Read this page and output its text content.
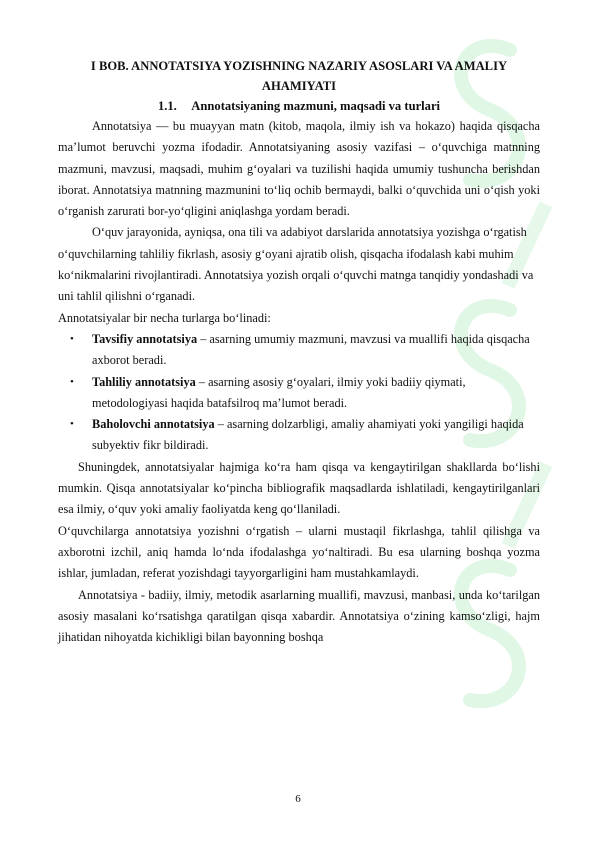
I BOB. ANNOTATSIYA YOZISHNING NAZARIY ASOSLARI VA AMALIY AHAMIYATI
1.1. Annotatsiyaning mazmuni, maqsadi va turlari

Annotatsiya — bu muayyan matn (kitob, maqola, ilmiy ish va hokazo) haqida qisqacha ma’lumot beruvchi yozma ifodadir. Annotatsiyaning asosiy vazifasi – o‘quvchiga matnning mazmuni, mavzusi, maqsadi, muhim g‘oyalari va tuzilishi haqida umumiy tushuncha berishdan iborat. Annotatsiya matnning mazmunini to‘liq ochib bermaydi, balki o‘quvchida uni o‘qish yoki o‘rganish zarurati bor-yo‘qligini aniqlashga yordam beradi.

O‘quv jarayonida, ayniqsa, ona tili va adabiyot darslarida annotatsiya yozishga o‘rgatish o‘quvchilarning tahliliy fikrlash, asosiy g‘oyani ajratib olish, qisqacha ifodalash kabi muhim ko‘nikmalarini rivojlantiradi. Annotatsiya yozish orqali o‘quvchi matnga tanqidiy yondashadi va uni tahlil qilishni o‘rganadi.

Annotatsiyalar bir necha turlarga bo‘linadi:

• Tavsifiy annotatsiya – asarning umumiy mazmuni, mavzusi va muallifi haqida qisqacha axborot beradi.
• Tahliliy annotatsiya – asarning asosiy g‘oyalari, ilmiy yoki badiiy qiymati, metodologiyasi haqida batafsilroq ma’lumot beradi.
• Baholovchi annotatsiya – asarning dolzarbligi, amaliy ahamiyati yoki yangiligi haqida subyektiv fikr bildiradi.

Shuningdek, annotatsiyalar hajmiga ko‘ra ham qisqa va kengaytirilgan shakllarda bo‘lishi mumkin. Qisqa annotatsiyalar ko‘pincha bibliografik maqsadlarda ishlatiladi, kengaytirilganlari esa ilmiy, o‘quv yoki amaliy faoliyatda keng qo‘llaniladi.

O‘quvchilarga annotatsiya yozishni o‘rgatish – ularni mustaqil fikrlashga, tahlil qilishga va axborotni izchil, aniq hamda lo‘nda ifodalashga yo‘naltiradi. Bu esa ularning boshqa yozma ishlar, jumladan, referat yozishdagi tayyorgarligini ham mustahkamlaydi.

Annotatsiya - badiiy, ilmiy, metodik asarlarning muallifi, mavzusi, manbasi, unda ko‘tarilgan asosiy masalani ko‘rsatishga qaratilgan qisqa xabardir. Annotatsiya o‘zining kamso‘zligi, hajm jihatidan nihoyatda kichikligi bilan bayonning boshqa

6
